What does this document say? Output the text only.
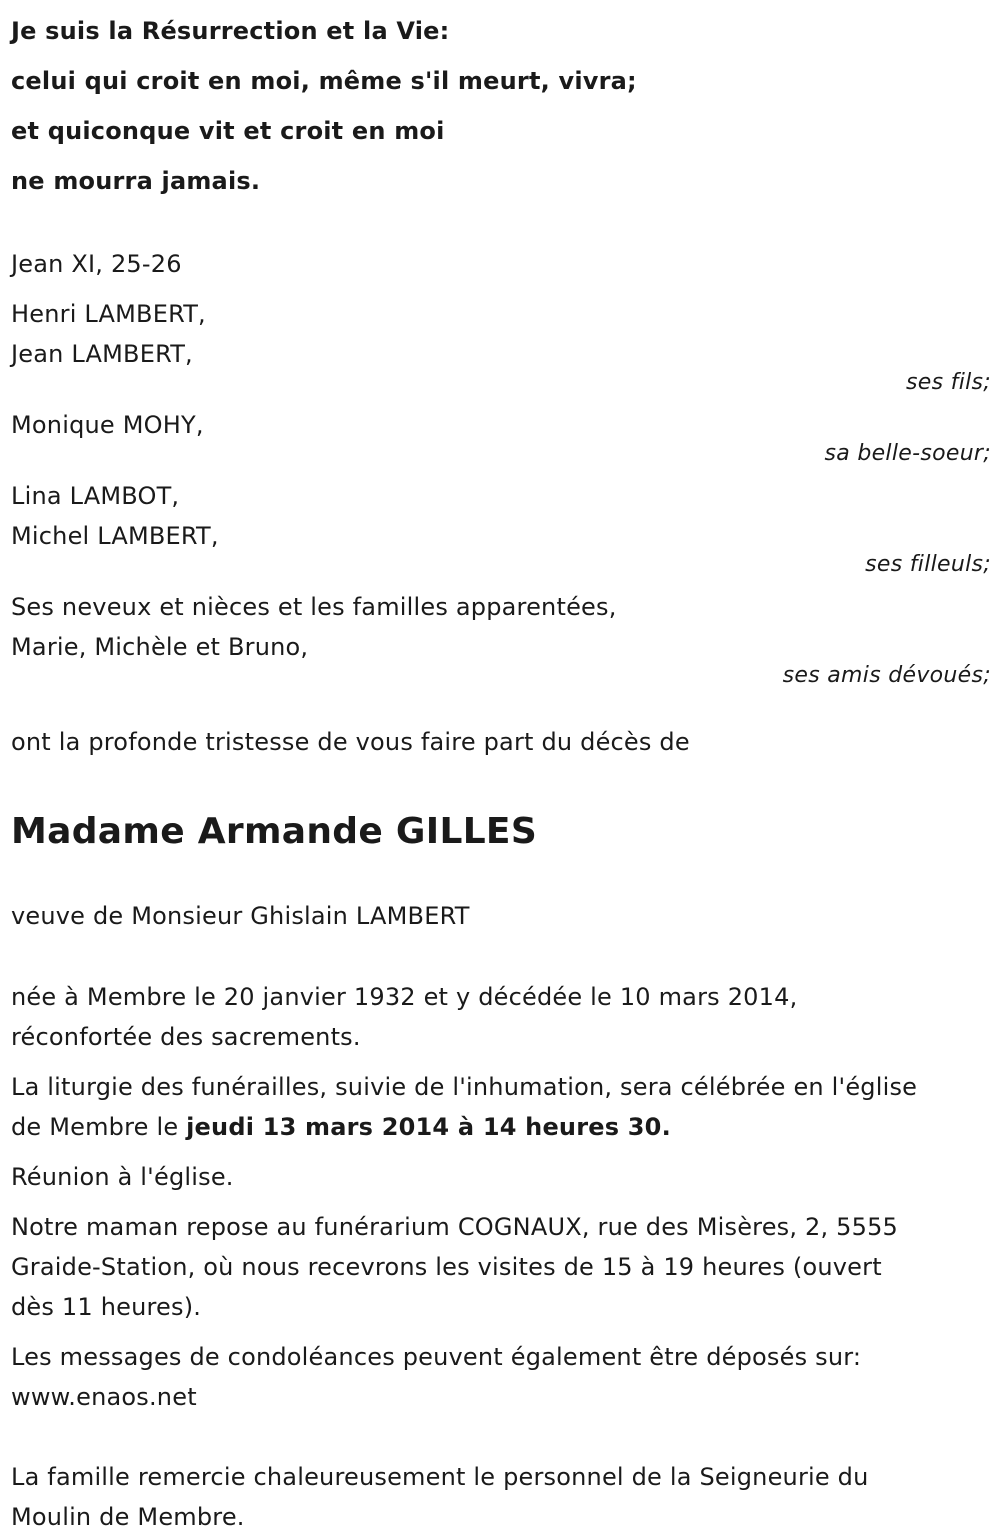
Je suis la Résurrection et la Vie:
celui qui croit en moi, même s'il meurt, vivra;
et quiconque vit et croit en moi
ne mourra jamais.

Jean XI, 25-26

Henri LAMBERT,
Jean LAMBERT,
ses fils;
Monique MOHY,
sa belle-soeur;
Lina LAMBOT,
Michel LAMBERT,
ses filleuls;
Ses neveux et nièces et les familles apparentées,
Marie, Michèle et Bruno,
ses amis dévoués;

ont la profonde tristesse de vous faire part du décès de

Madame Armande GILLES

veuve de Monsieur Ghislain LAMBERT

née à Membre le 20 janvier 1932 et y décédée le 10 mars 2014,
réconfortée des sacrements.

La liturgie des funérailles, suivie de l'inhumation, sera célébrée en l'église
de Membre le jeudi 13 mars 2014 à 14 heures 30.

Réunion à l'église.

Notre maman repose au funérarium COGNAUX, rue des Misères, 2, 5555
Graide-Station, où nous recevrons les visites de 15 à 19 heures (ouvert
dès 11 heures).

Les messages de condoléances peuvent également être déposés sur:
www.enaos.net

La famille remercie chaleureusement le personnel de la Seigneurie du
Moulin de Membre.
